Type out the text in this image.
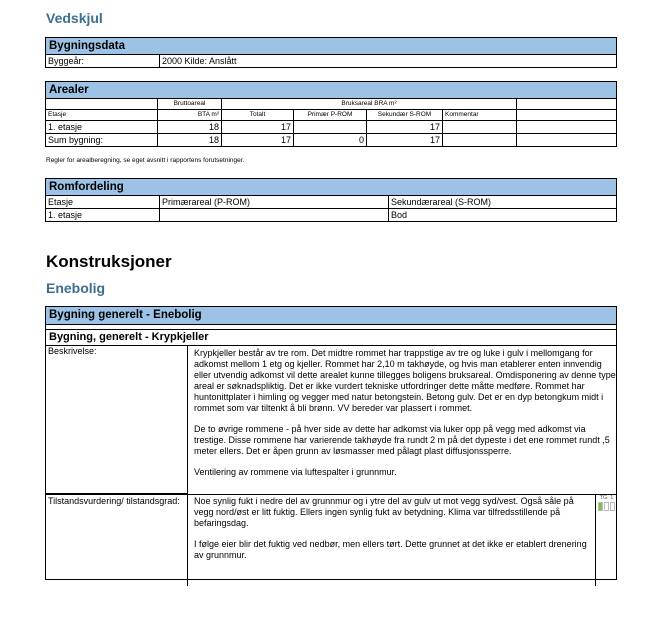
Vedskjul
Bygningsdata
Byggeår:	2000 Kilde: Anslått
Arealer						
	Bruttoareal	Bruksareal BRA m²				
Etasje	BTA m²	Totalt	Primær P-ROM	Sekundær S-ROM	Kommentar	
1. etasje	18	17		17		
Sum bygning:	18	17	0	17		
Regler for arealberegning, se eget avsnitt i rapportens forutsetninger.
Romfordeling		
Etasje	Primærareal (P-ROM)	Sekundærareal (S-ROM)
1. etasje		Bod
Konstruksjoner
Enebolig
Bygning generelt - Enebolig
Bygning, generelt - Krypkjeller
Beskrivelse:	Krypkjeller består av tre rom. Det midtre rommet har trappstige av tre og luke i gulv i mellomgang for adkomst mellom 1 etg og kjeller. Rommet har 2,10 m takhøyde, og hvis man etablerer enten innvendig eller utvendig adkomst vil dette arealet kunne tillegges boligens bruksareal. Omdisponering av denne type areal er søknadspliktig. Det er ikke vurdert tekniske utfordringer dette måtte medføre. Rommet har huntonittplater i himling og vegger med natur betongstein. Betong gulv. Det er en dyp betongkum midt i rommet som var tiltenkt å bli brønn. VV bereder var plassert i rommet.

De to øvrige rommene - på hver side av dette har adkomst via luker opp på vegg med adkomst via trestige. Disse rommene har varierende takhøyde fra rundt 2 m på det dypeste i det ene rommet rundt ,5 meter ellers. Det er åpen grunn av løsmasser med pålagt plast diffusjonssperre.

Ventilering av rommene via luftespalter i grunnmur.

Tilstandsvurdering/ tilstandsgrad:	Noe synlig fukt i nedre del av grunnmur og i ytre del av gulv ut mot vegg syd/vest. Også såle på vegg nord/øst er litt fuktig. Ellers ingen synlig fukt av betydning. Klima var tilfredsstillende på befaringsdag.

I følge eier blir det fuktig ved nedbør, men ellers tørt. Dette grunnet at det ikke er etablert drenering av grunnmur.

TG: 1
